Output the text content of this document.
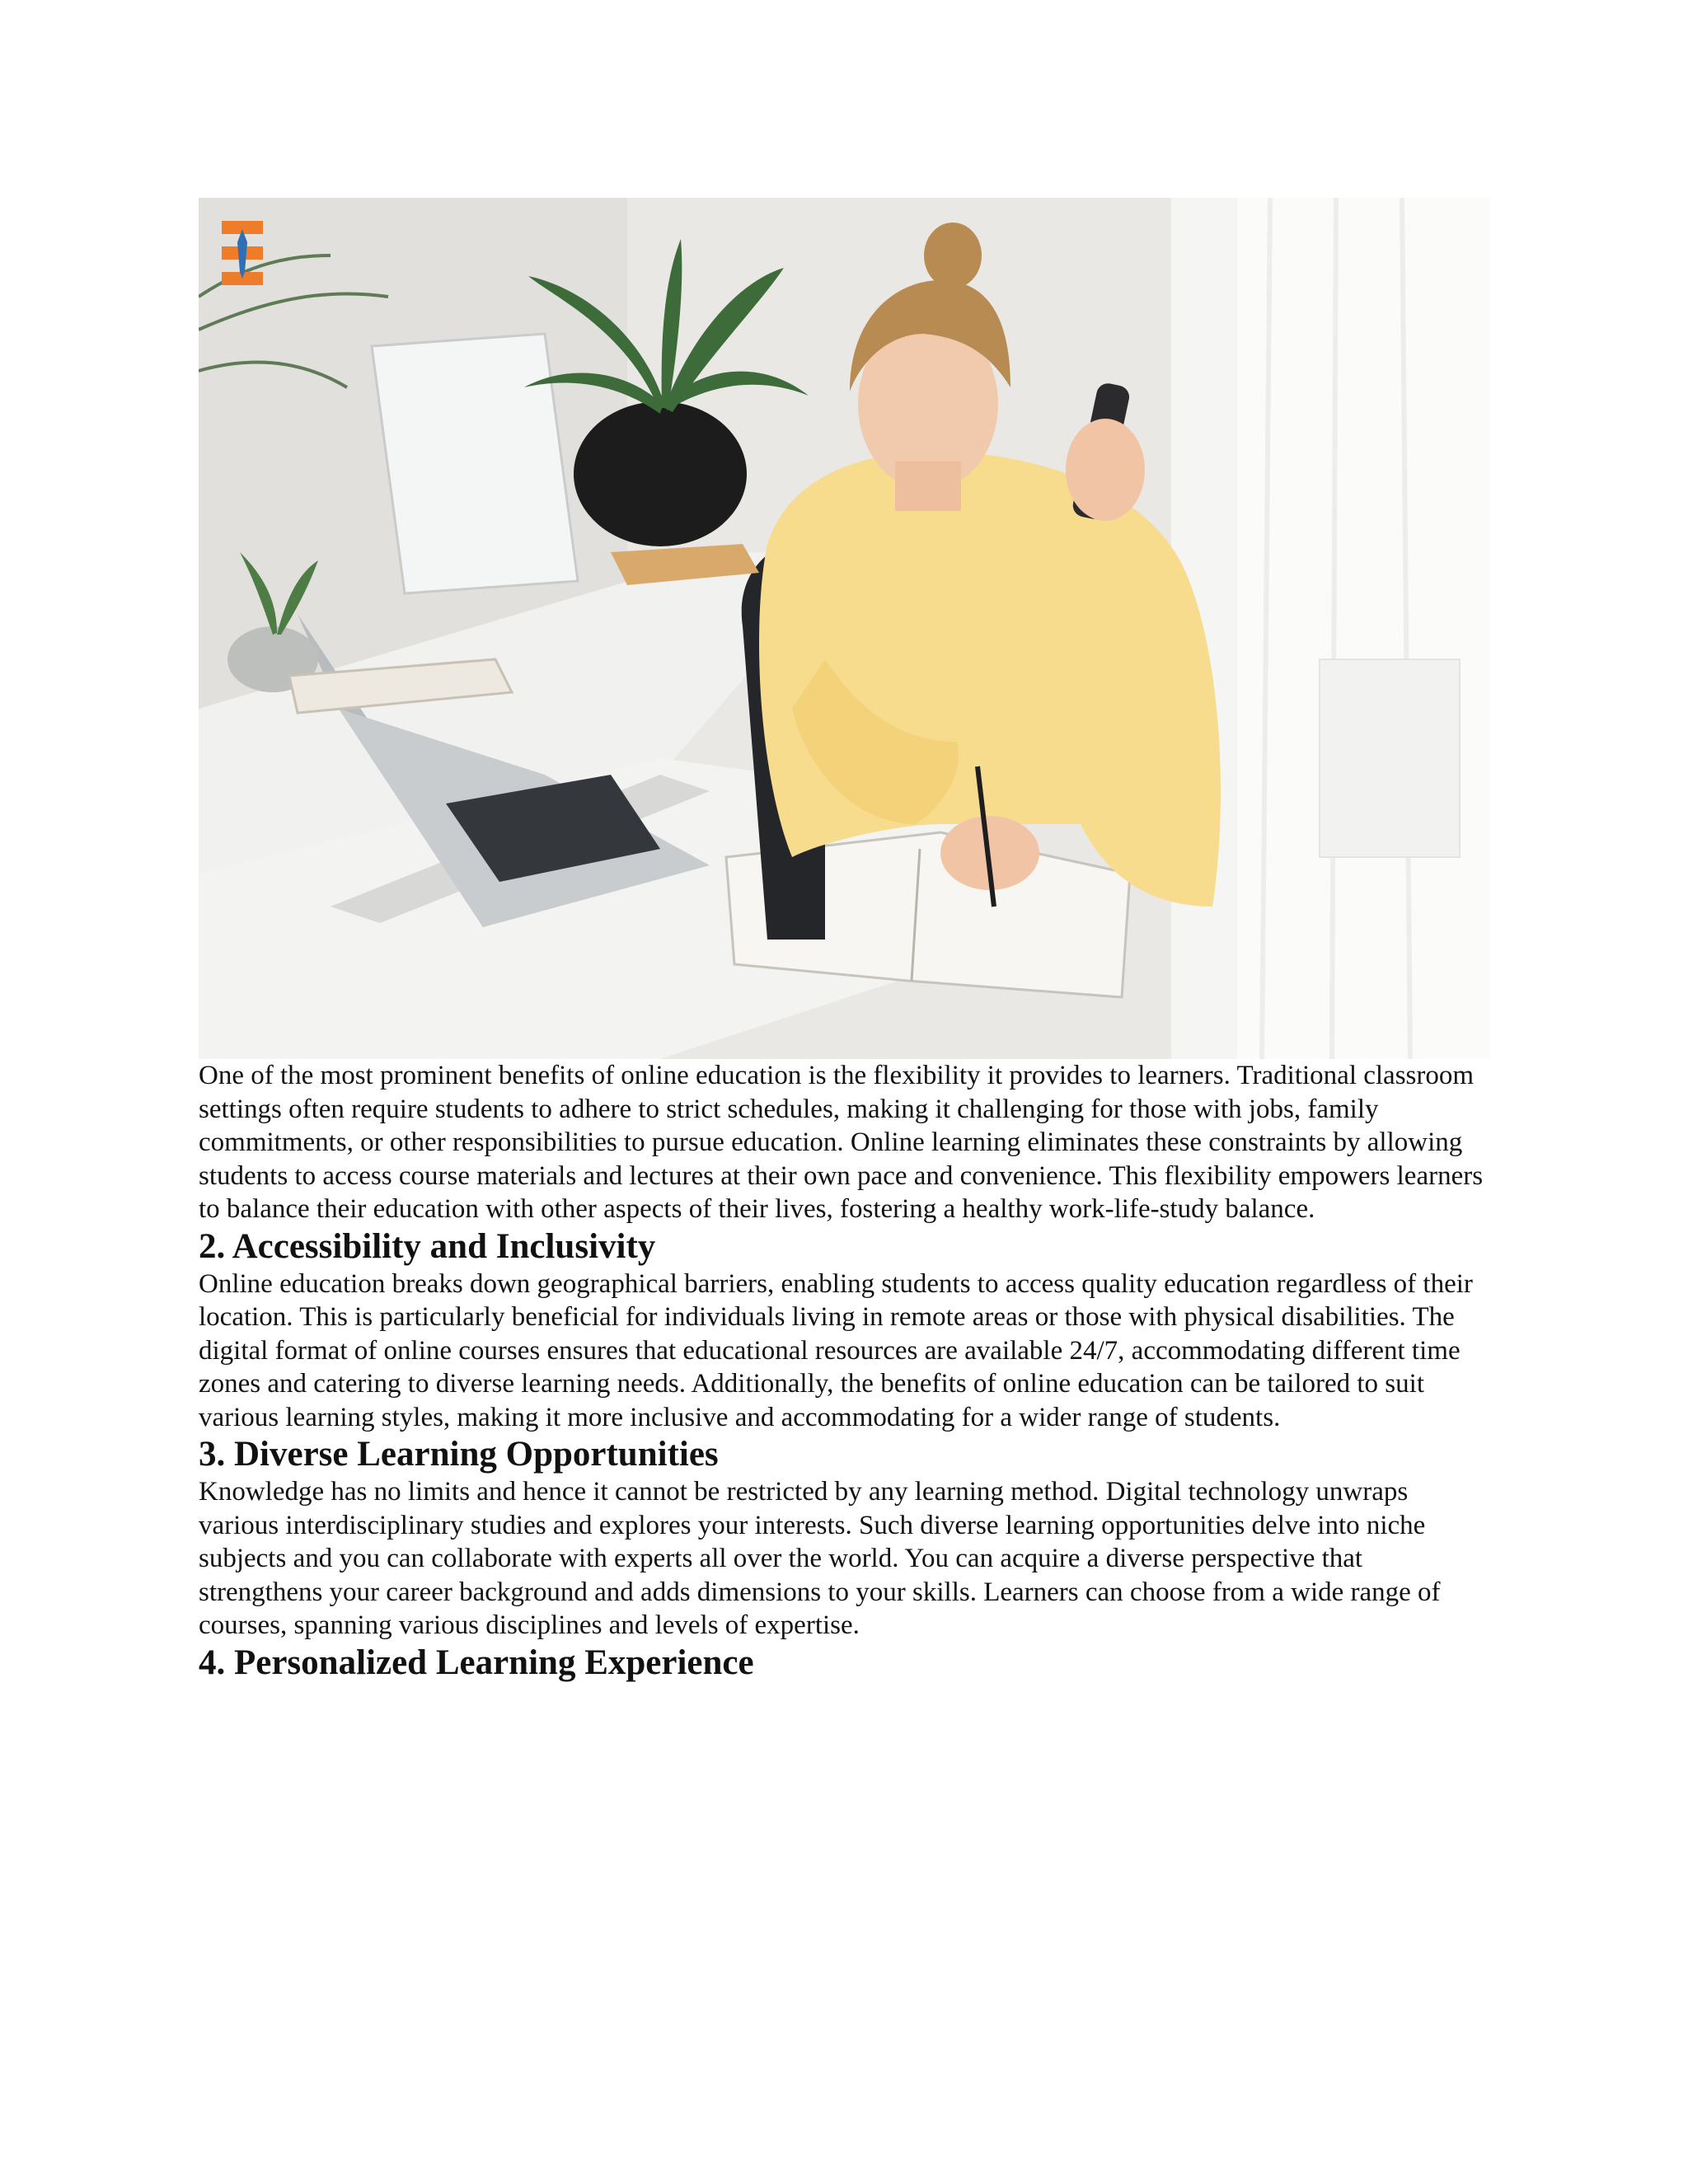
One of the most prominent benefits of online education is the flexibility it provides to learners. Traditional classroom settings often require students to adhere to strict schedules, making it challenging for those with jobs, family commitments, or other responsibilities to pursue education. Online learning eliminates these constraints by allowing students to access course materials and lectures at their own pace and convenience. This flexibility empowers learners to balance their education with other aspects of their lives, fostering a healthy work-life-study balance.

2. Accessibility and Inclusivity

Online education breaks down geographical barriers, enabling students to access quality education regardless of their location. This is particularly beneficial for individuals living in remote areas or those with physical disabilities. The digital format of online courses ensures that educational resources are available 24/7, accommodating different time zones and catering to diverse learning needs. Additionally, the benefits of online education can be tailored to suit various learning styles, making it more inclusive and accommodating for a wider range of students.

3. Diverse Learning Opportunities

Knowledge has no limits and hence it cannot be restricted by any learning method. Digital technology unwraps various interdisciplinary studies and explores your interests. Such diverse learning opportunities delve into niche subjects and you can collaborate with experts all over the world. You can acquire a diverse perspective that strengthens your career background and adds dimensions to your skills. Learners can choose from a wide range of courses, spanning various disciplines and levels of expertise.

4. Personalized Learning Experience
